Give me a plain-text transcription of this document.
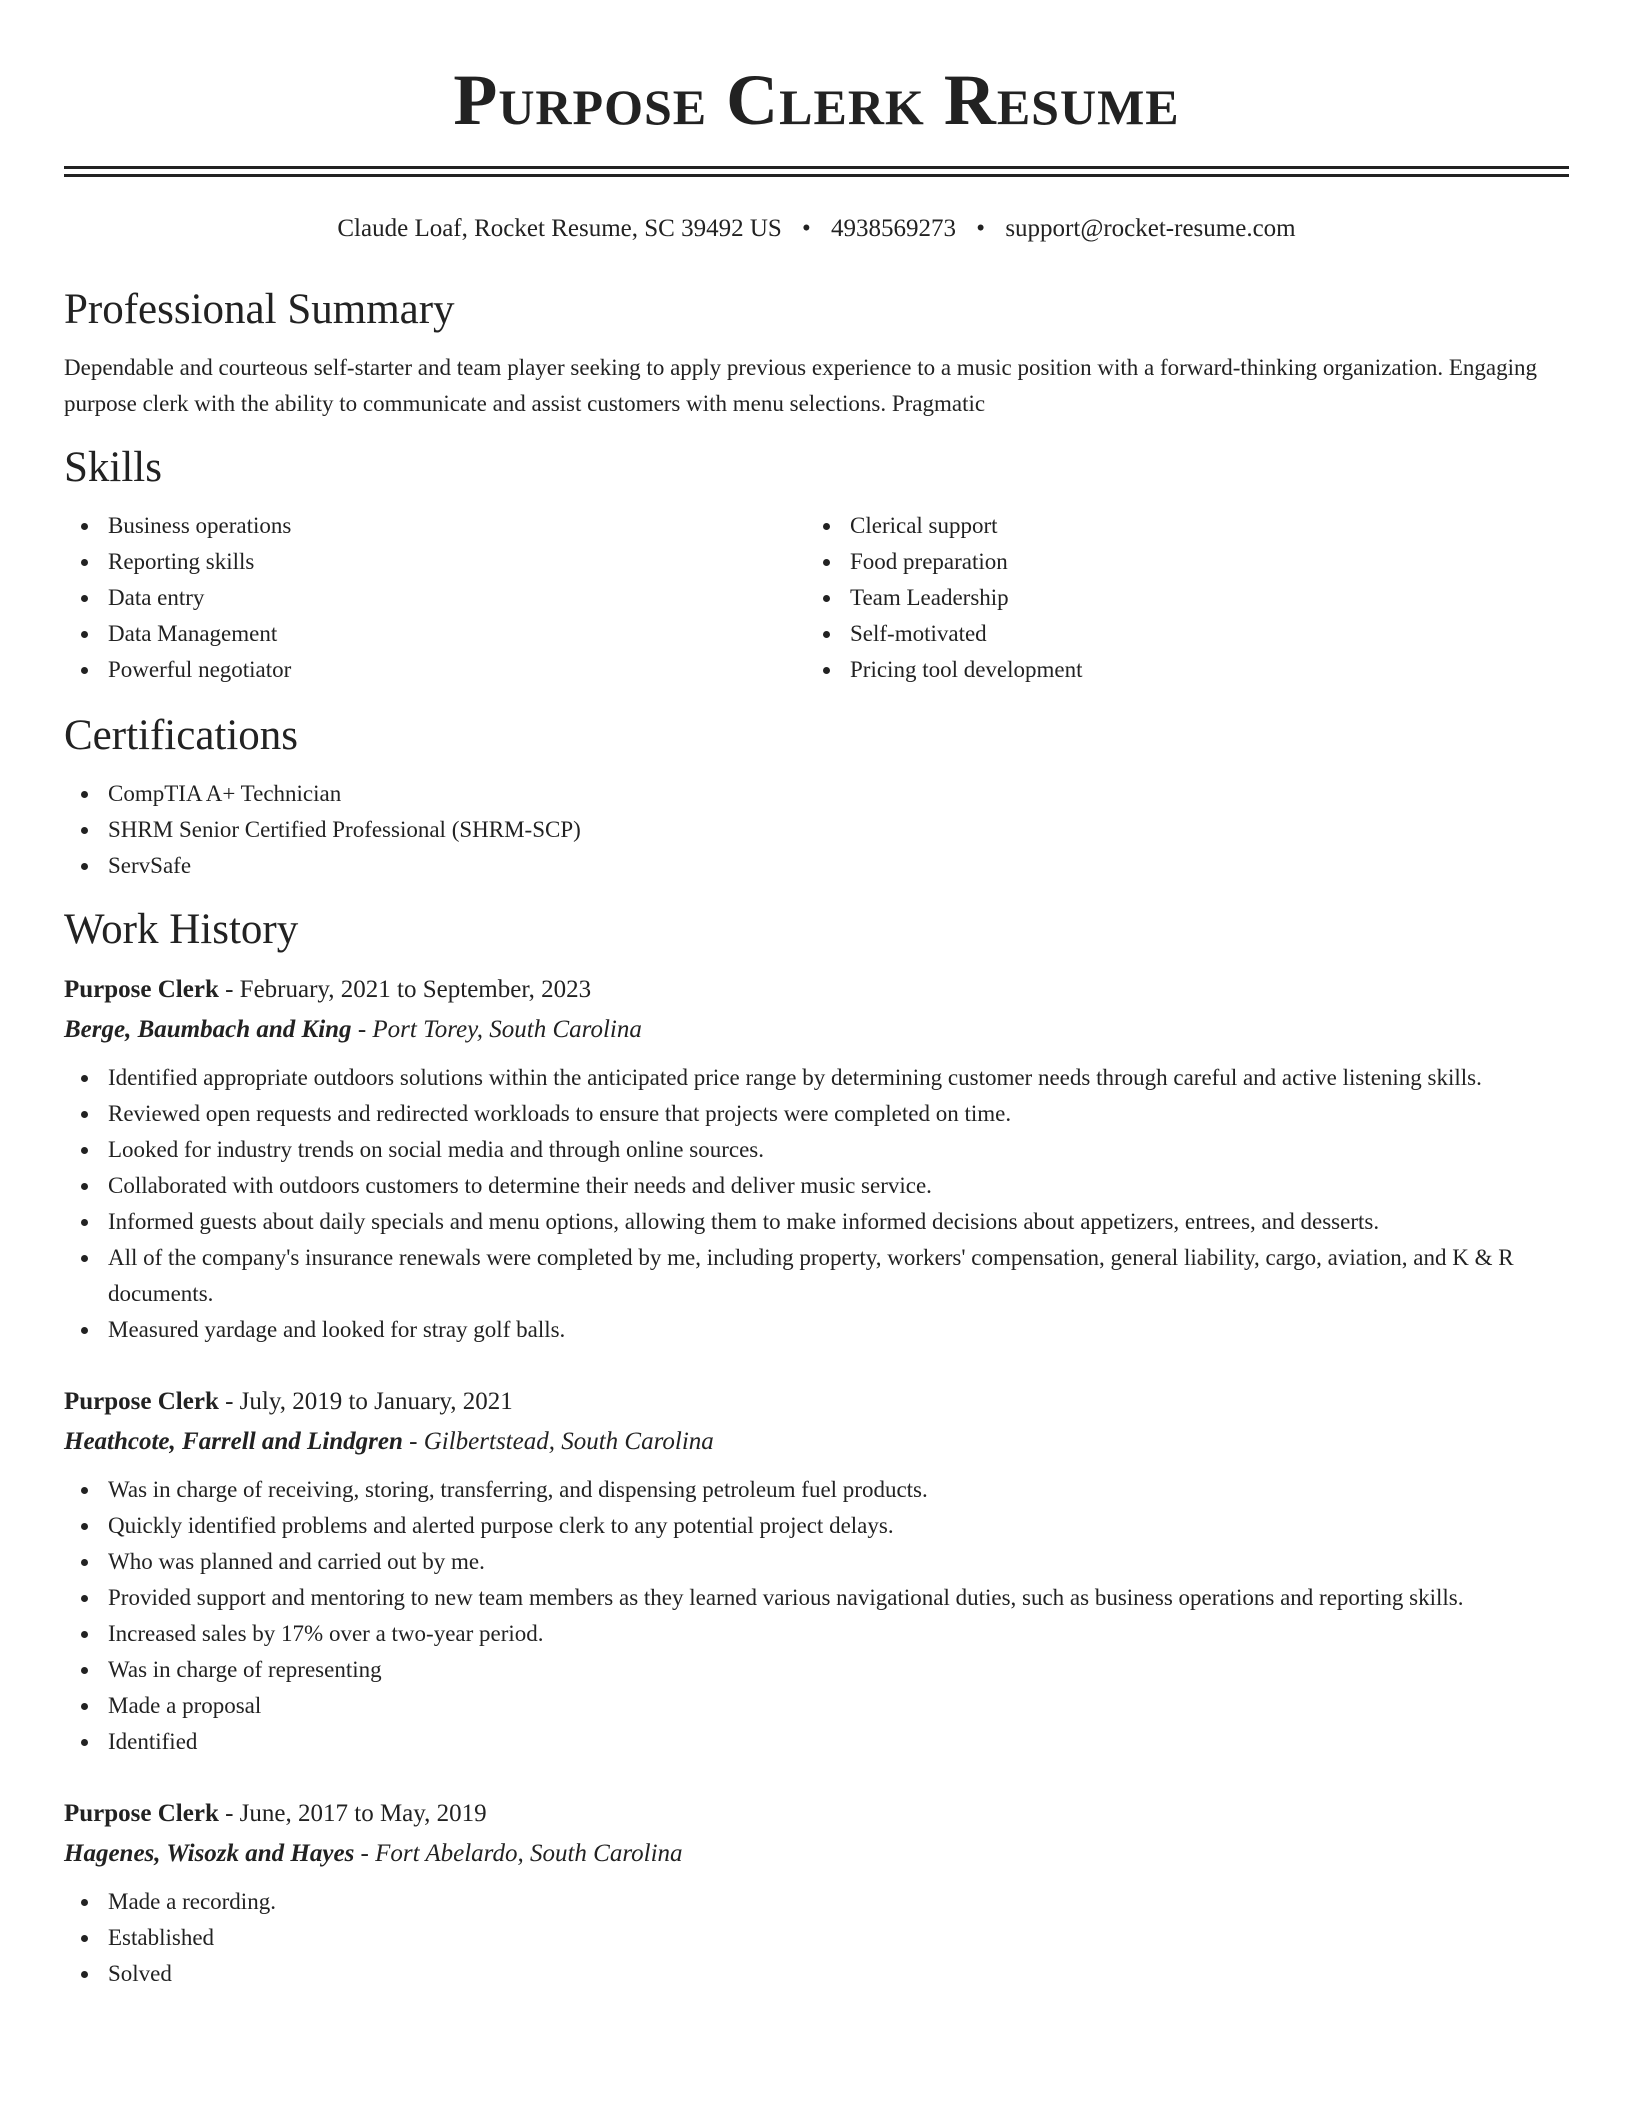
Purpose Clerk Resume
Claude Loaf, Rocket Resume, SC 39492 US • 4938569273 • support@rocket-resume.com
Professional Summary
Dependable and courteous self-starter and team player seeking to apply previous experience to a music position with a forward-thinking organization. Engaging purpose clerk with the ability to communicate and assist customers with menu selections. Pragmatic
Skills
Business operations
Reporting skills
Data entry
Data Management
Powerful negotiator
Clerical support
Food preparation
Team Leadership
Self-motivated
Pricing tool development
Certifications
CompTIA A+ Technician
SHRM Senior Certified Professional (SHRM-SCP)
ServSafe
Work History
Purpose Clerk - February, 2021 to September, 2023
Berge, Baumbach and King - Port Torey, South Carolina
Identified appropriate outdoors solutions within the anticipated price range by determining customer needs through careful and active listening skills.
Reviewed open requests and redirected workloads to ensure that projects were completed on time.
Looked for industry trends on social media and through online sources.
Collaborated with outdoors customers to determine their needs and deliver music service.
Informed guests about daily specials and menu options, allowing them to make informed decisions about appetizers, entrees, and desserts.
All of the company's insurance renewals were completed by me, including property, workers' compensation, general liability, cargo, aviation, and K & R documents.
Measured yardage and looked for stray golf balls.
Purpose Clerk - July, 2019 to January, 2021
Heathcote, Farrell and Lindgren - Gilbertstead, South Carolina
Was in charge of receiving, storing, transferring, and dispensing petroleum fuel products.
Quickly identified problems and alerted purpose clerk to any potential project delays.
Who was planned and carried out by me.
Provided support and mentoring to new team members as they learned various navigational duties, such as business operations and reporting skills.
Increased sales by 17% over a two-year period.
Was in charge of representing
Made a proposal
Identified
Purpose Clerk - June, 2017 to May, 2019
Hagenes, Wisozk and Hayes - Fort Abelardo, South Carolina
Made a recording.
Established
Solved
